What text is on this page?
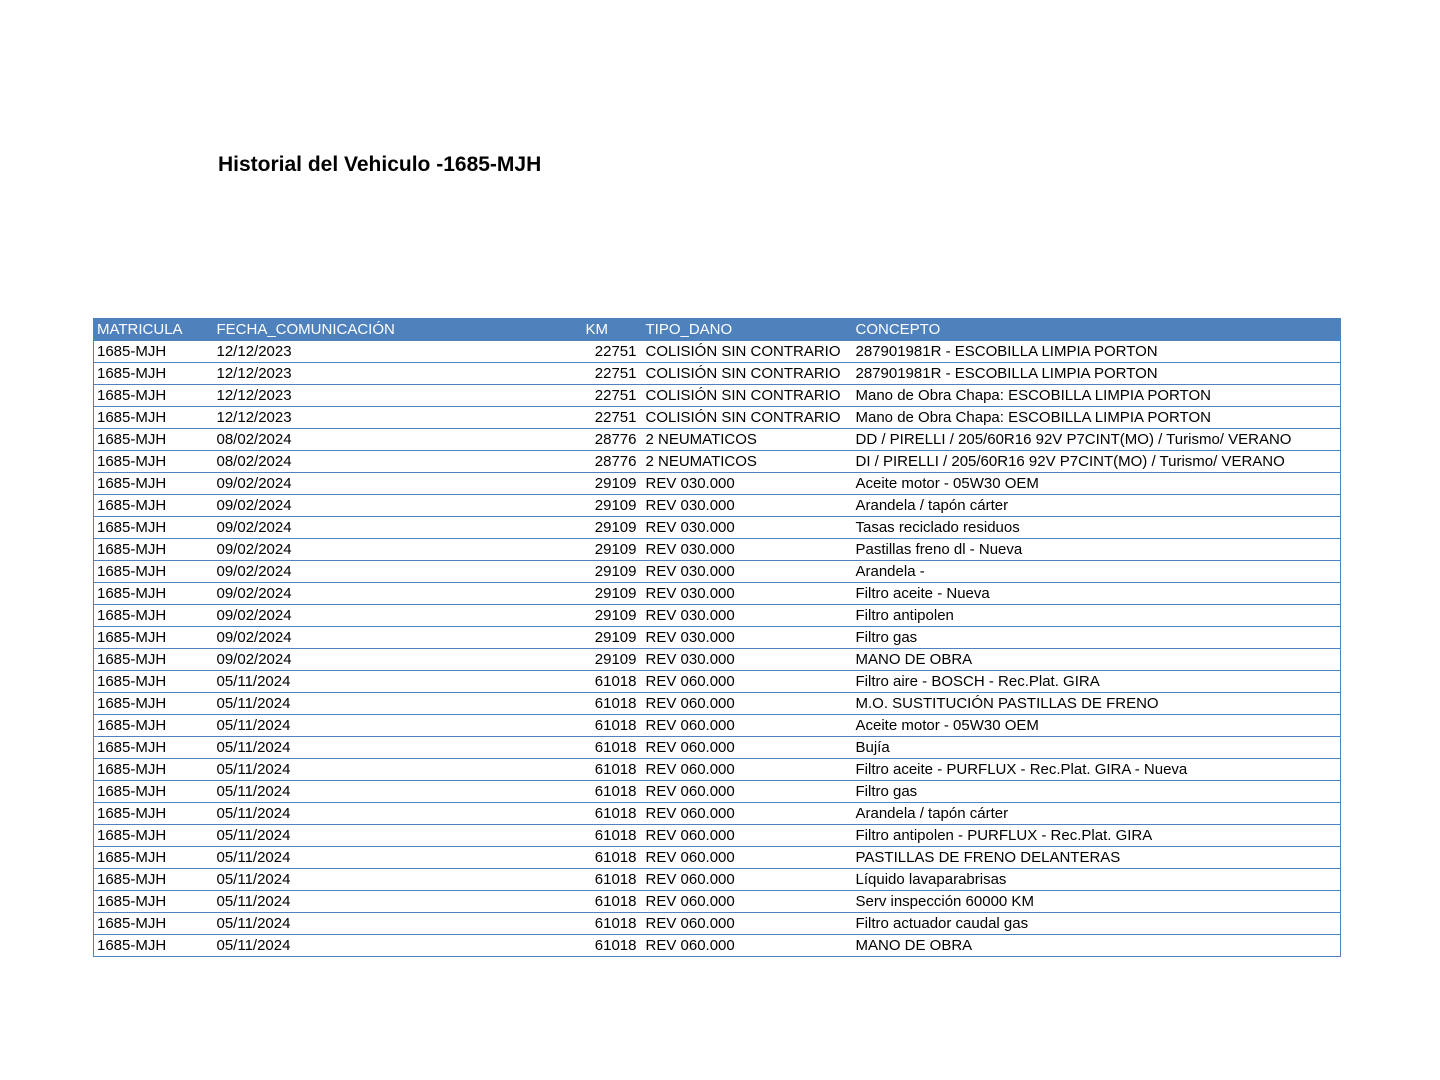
Historial del Vehiculo -1685-MJH
MATRICULA	FECHA_COMUNICACIÓN	KM	TIPO_DANO	CONCEPTO
1685-MJH	12/12/2023	22751	COLISIÓN SIN CONTRARIO	287901981R - ESCOBILLA LIMPIA PORTON
1685-MJH	12/12/2023	22751	COLISIÓN SIN CONTRARIO	287901981R - ESCOBILLA LIMPIA PORTON
1685-MJH	12/12/2023	22751	COLISIÓN SIN CONTRARIO	Mano de Obra Chapa: ESCOBILLA LIMPIA PORTON
1685-MJH	12/12/2023	22751	COLISIÓN SIN CONTRARIO	Mano de Obra Chapa: ESCOBILLA LIMPIA PORTON
1685-MJH	08/02/2024	28776	2 NEUMATICOS	DD / PIRELLI / 205/60R16 92V P7CINT(MO) / Turismo/ VERANO
1685-MJH	08/02/2024	28776	2 NEUMATICOS	DI / PIRELLI / 205/60R16 92V P7CINT(MO) / Turismo/ VERANO
1685-MJH	09/02/2024	29109	REV 030.000	Aceite motor - 05W30 OEM
1685-MJH	09/02/2024	29109	REV 030.000	Arandela / tapón cárter
1685-MJH	09/02/2024	29109	REV 030.000	Tasas reciclado residuos
1685-MJH	09/02/2024	29109	REV 030.000	Pastillas freno dl - Nueva
1685-MJH	09/02/2024	29109	REV 030.000	Arandela -
1685-MJH	09/02/2024	29109	REV 030.000	Filtro aceite - Nueva
1685-MJH	09/02/2024	29109	REV 030.000	Filtro antipolen
1685-MJH	09/02/2024	29109	REV 030.000	Filtro gas
1685-MJH	09/02/2024	29109	REV 030.000	MANO DE OBRA
1685-MJH	05/11/2024	61018	REV 060.000	Filtro aire - BOSCH - Rec.Plat. GIRA
1685-MJH	05/11/2024	61018	REV 060.000	M.O. SUSTITUCIÓN PASTILLAS DE FRENO
1685-MJH	05/11/2024	61018	REV 060.000	Aceite motor - 05W30 OEM
1685-MJH	05/11/2024	61018	REV 060.000	Bujía
1685-MJH	05/11/2024	61018	REV 060.000	Filtro aceite - PURFLUX - Rec.Plat. GIRA - Nueva
1685-MJH	05/11/2024	61018	REV 060.000	Filtro gas
1685-MJH	05/11/2024	61018	REV 060.000	Arandela / tapón cárter
1685-MJH	05/11/2024	61018	REV 060.000	Filtro antipolen - PURFLUX - Rec.Plat. GIRA
1685-MJH	05/11/2024	61018	REV 060.000	PASTILLAS DE FRENO DELANTERAS
1685-MJH	05/11/2024	61018	REV 060.000	Líquido lavaparabrisas
1685-MJH	05/11/2024	61018	REV 060.000	Serv inspección 60000 KM
1685-MJH	05/11/2024	61018	REV 060.000	Filtro actuador caudal gas
1685-MJH	05/11/2024	61018	REV 060.000	MANO DE OBRA
